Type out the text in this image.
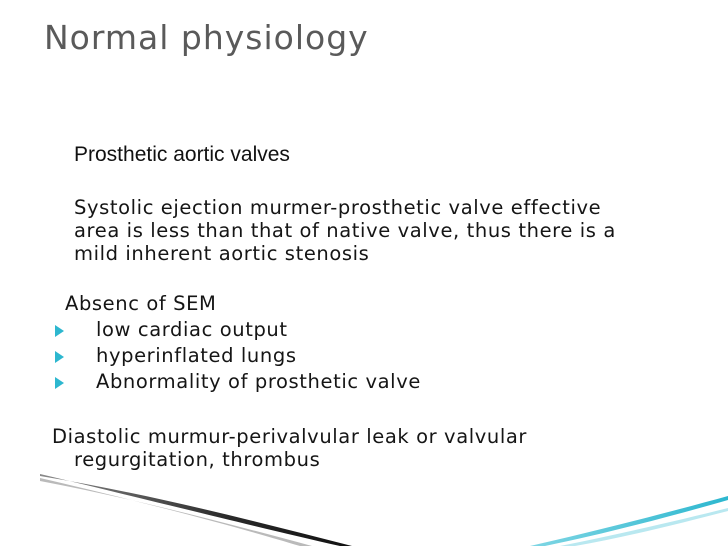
Normal physiology
Prosthetic aortic valves
Systolic ejection murmer-prosthetic valve effective
area is less than that of native valve, thus there is a
mild inherent aortic stenosis
Absenc of SEM
low cardiac output
hyperinflated lungs
Abnormality of prosthetic valve
Diastolic murmur-perivalvular leak or valvular
regurgitation, thrombus
